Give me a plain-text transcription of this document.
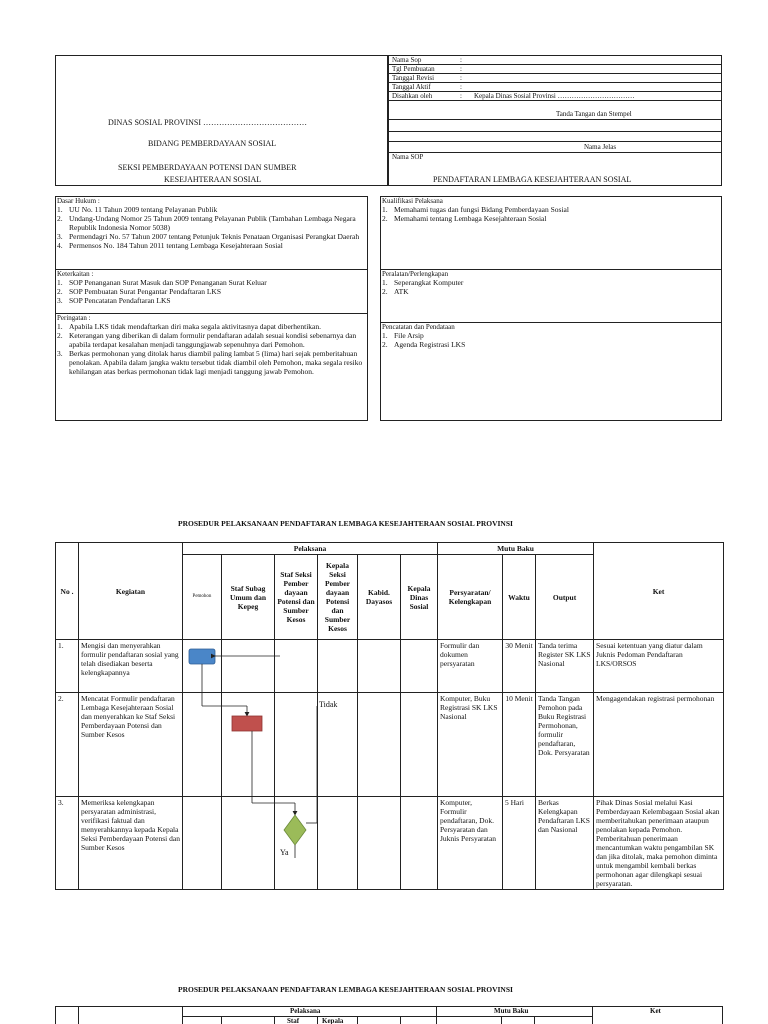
DINAS SOSIAL PROVINSI …………………………………
BIDANG PEMBERDAYAAN SOSIAL
SEKSI PEMBERDAYAAN POTENSI DAN SUMBER
KESEJAHTERAAN SOSIAL
Nama Sop	:
Tgl Pembuatan	:
Tanggal Revisi	:
Tanggal Aktif	:
Disahkan oleh	: Kepala Dinas Sosial Provinsi ……………………………
Tanda Tangan dan Stempel
Nama Jelas
Nama SOP
PENDAFTARAN LEMBAGA KESEJAHTERAAN SOSIAL
Dasar Hukum :
1. UU No. 11 Tahun 2009 tentang Pelayanan Publik
2. Undang-Undang Nomor 25 Tahun 2009 tentang Pelayanan Publik (Tambahan Lembaga Negara Republik Indonesia Nomor 5038)
3. Permendagri No. 57 Tahun 2007 tentang Petunjuk Teknis Penataan Organisasi Perangkat Daerah
4. Permensos No. 184 Tahun 2011 tentang Lembaga Kesejahteraan Sosial
Keterkaitan :
1. SOP Penanganan Surat Masuk dan SOP Penanganan Surat Keluar
2. SOP Pembuatan Surat Pengantar Pendaftaran LKS
3. SOP Pencatatan Pendaftaran LKS
Peringatan :
1. Apabila LKS tidak mendaftarkan diri maka segala aktivitasnya dapat diberhentikan.
2. Keterangan yang diberikan di dalam formulir pendaftaran adalah sesuai kondisi sebenarnya dan apabila terdapat kesalahan menjadi tanggungjawab sepenuhnya dari Pemohon.
3. Berkas permohonan yang ditolak harus diambil paling lambat 5 (lima) hari sejak pemberitahuan penolakan. Apabila dalam jangka waktu tersebut tidak diambil oleh Pemohon, maka segala resiko kehilangan atas berkas permohonan tidak lagi menjadi tanggung jawab Pemohon.
Kualifikasi Pelaksana
1. Memahami tugas dan fungsi Bidang Pemberdayaan Sosial
2. Memahami tentang Lembaga Kesejahteraan Sosial
Peralatan/Perlengkapan
1. Seperangkat Komputer
2. ATK
Pencatatan dan Pendataan
1. File Arsip
2. Agenda Registrasi LKS
PROSEDUR PELAKSANAAN PENDAFTARAN LEMBAGA KESEJAHTERAAN SOSIAL PROVINSI
No .	Kegiatan	Pelaksana						Mutu Baku			Ket
		Pemohon	Staf Subag Umum dan Kepeg	Staf Seksi Pember dayaan Potensi dan Sumber Kesos	Kepala Seksi Pember dayaan Potensi dan Sumber Kesos	Kabid. Dayasos	Kepala Dinas Sosial	Persyaratan/ Kelengkapan	Waktu	Output	
1.	Mengisi dan menyerahkan formulir pendaftaran sosial yang telah disediakan beserta kelengkapannya							Formulir dan dokumen persyaratan	30 Menit	Tanda terima Register SK LKS Nasional	Sesuai ketentuan yang diatur dalam Juknis Pedoman Pendaftaran LKS/ORSOS
2.	Mencatat Formulir pendaftaran Lembaga Kesejahteraan Sosial dan menyerahkan ke Staf Seksi Pemberdayaan Potensi dan Sumber Kesos							Komputer, Buku Registrasi SK LKS Nasional	10 Menit	Tanda Tangan Pemohon pada Buku Registrasi Permohonan, formulir pendaftaran, Dok. Persyaratan	Mengagendakan registrasi permohonan
3.	Memeriksa kelengkapan persyaratan administrasi, verifikasi faktual dan menyerahkannya kepada Kepala Seksi Pemberdayaan Potensi dan Sumber Kesos							Komputer, Formulir pendaftaran, Dok. Persyaratan dan Juknis Persyaratan	5 Hari	Berkas Kelengkapan Pendaftaran LKS dan Nasional	Pihak Dinas Sosial melalui Kasi Pemberdayaan Kelembagaan Sosial akan memberitahukan penerimaan ataupun penolakan kepada Pemohon. Pemberitahuan penerimaan mencantumkan waktu pengambilan SK dan jika ditolak, maka pemohon diminta untuk mengambil kembali berkas permohonan agar dilengkapi sesuai persyaratan.
Tidak
Ya
PROSEDUR PELAKSANAAN PENDAFTARAN LEMBAGA KESEJAHTERAAN SOSIAL PROVINSI
Pelaksana	Mutu Baku	Ket
Staf	Kepala
